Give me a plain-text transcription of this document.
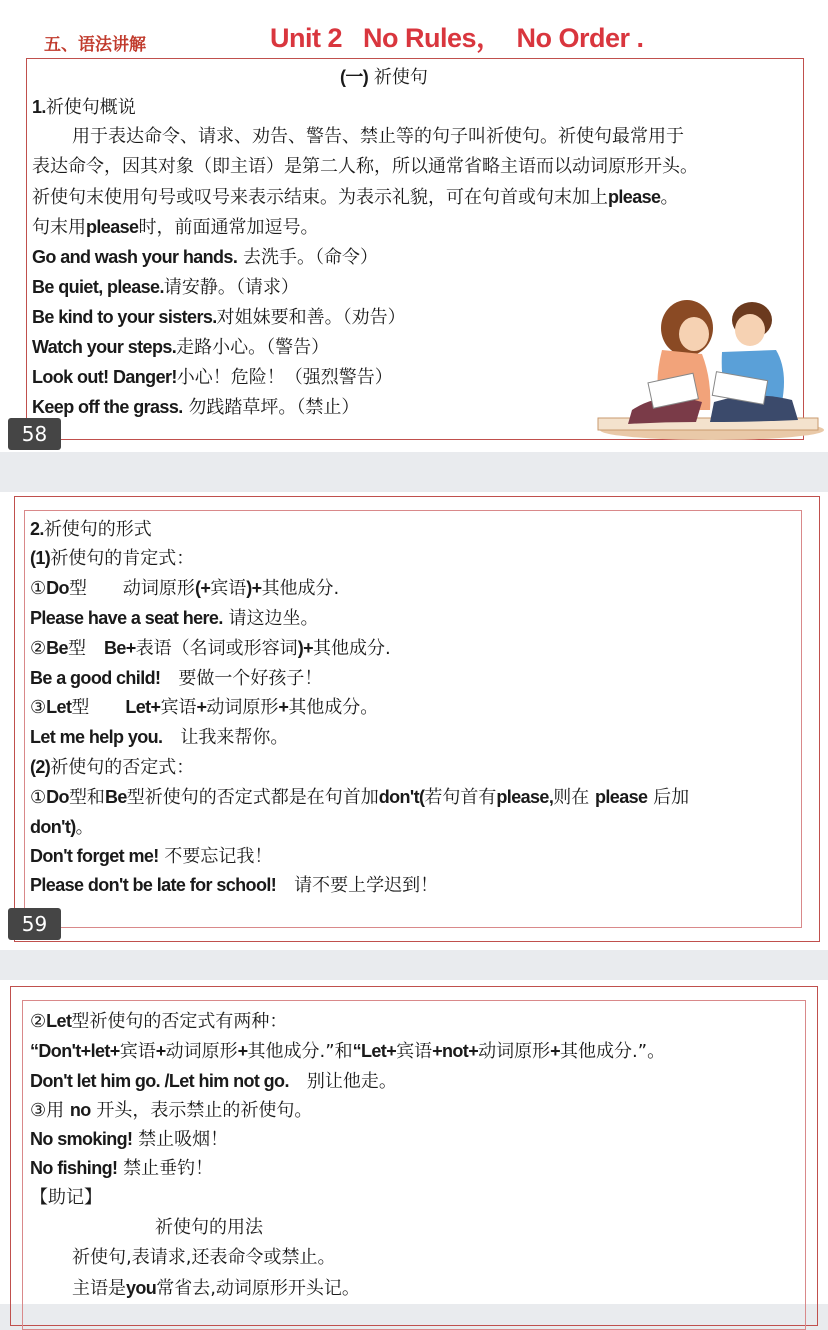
五、语法讲解	Unit 2   No Rules，  No Order .
(一) 祈使句
1.祈使句概说
用于表达命令、请求、劝告、警告、禁止等的句子叫祈使句。祈使句最常用于
表达命令，因其对象（即主语）是第二人称，所以通常省略主语而以动词原形开头。
祈使句末使用句号或叹号来表示结束。为表示礼貌，可在句首或句末加上please。
句末用please时，前面通常加逗号。
Go and wash your hands. 去洗手。（命令）
Be quiet, please.请安静。（请求）
Be kind to your sisters.对姐妹要和善。（劝告）
Watch your steps.走路小心。（警告）
Look out! Danger!小心！危险！（强烈警告）
Keep off the grass. 勿践踏草坪。（禁止）
58
2.祈使句的形式
(1)祈使句的肯定式：
①Do型　　动词原形(+宾语)+其他成分.
Please have a seat here. 请这边坐。
②Be型　Be+表语（名词或形容词)+其他成分.
Be a good child!　要做一个好孩子！
③Let型　　Let+宾语+动词原形+其他成分。
Let me help you.　让我来帮你。
(2)祈使句的否定式：
①Do型和Be型祈使句的否定式都是在句首加don't(若句首有please,则在 please 后加
don't)。
Don't forget me! 不要忘记我！
Please don't be late for school!　请不要上学迟到！
59
②Let型祈使句的否定式有两种：
“Don't+let+宾语+动词原形+其他成分.”和“Let+宾语+not+动词原形+其他成分.”。
Don't let him go. /Let him not go.　别让他走。
③用 no 开头，表示禁止的祈使句。
No smoking! 禁止吸烟！
No fishing! 禁止垂钓！
【助记】
祈使句的用法
祈使句,表请求,还表命令或禁止。
主语是you常省去,动词原形开头记。
